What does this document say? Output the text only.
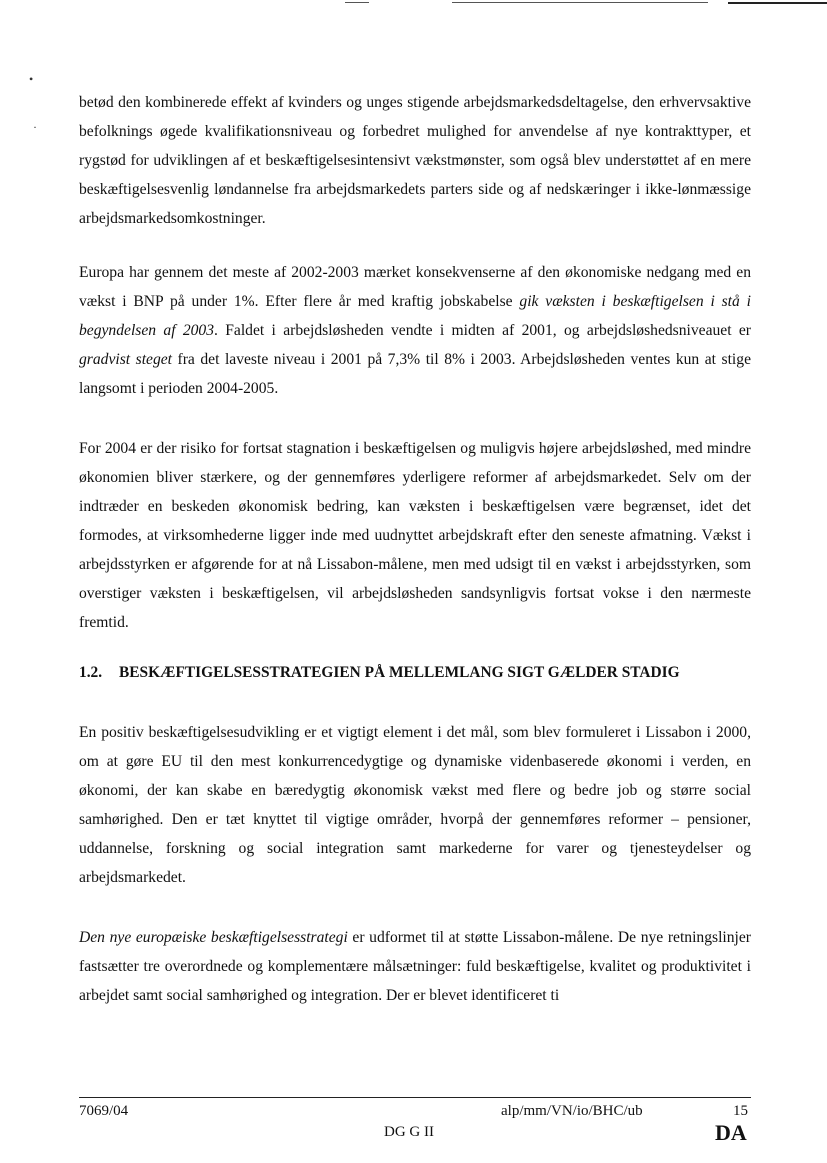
•
·

betød den kombinerede effekt af kvinders og unges stigende arbejdsmarkedsdeltagelse, den erhvervsaktive befolknings øgede kvalifikationsniveau og forbedret mulighed for anvendelse af nye kontrakttyper, et rygstød for udviklingen af et beskæftigelsesintensivt vækstmønster, som også blev understøttet af en mere beskæftigelsesvenlig løndannelse fra arbejdsmarkedets parters side og af nedskæringer i ikke-lønmæssige arbejdsmarkedsomkostninger.

Europa har gennem det meste af 2002-2003 mærket konsekvenserne af den økonomiske nedgang med en vækst i BNP på under 1%. Efter flere år med kraftig jobskabelse gik væksten i beskæftigelsen i stå i begyndelsen af 2003. Faldet i arbejdsløsheden vendte i midten af 2001, og arbejdsløshedsniveauet er gradvist steget fra det laveste niveau i 2001 på 7,3% til 8% i 2003. Arbejdsløsheden ventes kun at stige langsomt i perioden 2004-2005.

For 2004 er der risiko for fortsat stagnation i beskæftigelsen og muligvis højere arbejdsløshed, med mindre økonomien bliver stærkere, og der gennemføres yderligere reformer af arbejdsmarkedet. Selv om der indtræder en beskeden økonomisk bedring, kan væksten i beskæftigelsen være begrænset, idet det formodes, at virksomhederne ligger inde med uudnyttet arbejdskraft efter den seneste afmatning. Vækst i arbejdsstyrken er afgørende for at nå Lissabon-målene, men med udsigt til en vækst i arbejdsstyrken, som overstiger væksten i beskæftigelsen, vil arbejdsløsheden sandsynligvis fortsat vokse i den nærmeste fremtid.

1.2. BESKÆFTIGELSESSTRATEGIEN PÅ MELLEMLANG SIGT GÆLDER STADIG

En positiv beskæftigelsesudvikling er et vigtigt element i det mål, som blev formuleret i Lissabon i 2000, om at gøre EU til den mest konkurrencedygtige og dynamiske videnbaserede økonomi i verden, en økonomi, der kan skabe en bæredygtig økonomisk vækst med flere og bedre job og større social samhørighed. Den er tæt knyttet til vigtige områder, hvorpå der gennemføres reformer – pensioner, uddannelse, forskning og social integration samt markederne for varer og tjenesteydelser og arbejdsmarkedet.

Den nye europæiske beskæftigelsesstrategi er udformet til at støtte Lissabon-målene. De nye retningslinjer fastsætter tre overordnede og komplementære målsætninger: fuld beskæftigelse, kvalitet og produktivitet i arbejdet samt social samhørighed og integration. Der er blevet identificeret ti

7069/04
DG G II
alp/mm/VN/io/BHC/ub	15
DA
